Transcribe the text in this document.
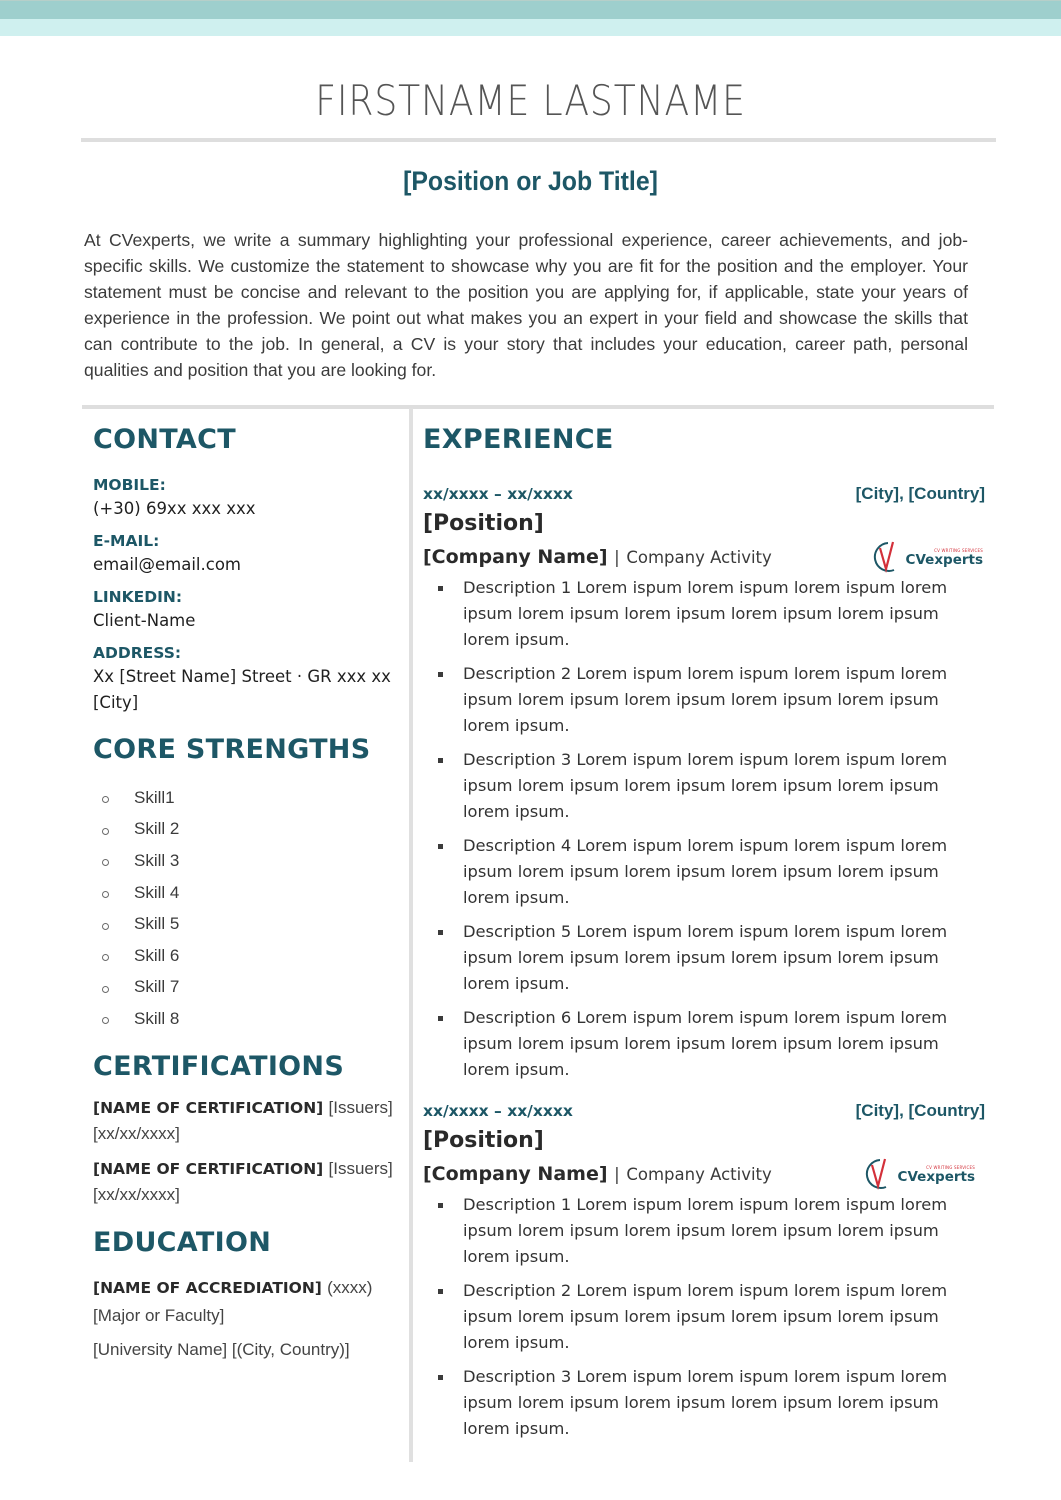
FIRSTNAME LASTNAME
[Position or Job Title]

At CVexperts, we write a summary highlighting your professional experience, career achievements, and job-specific skills. We customize the statement to showcase why you are fit for the position and the employer. Your statement must be concise and relevant to the position you are applying for, if applicable, state your years of experience in the profession. We point out what makes you an expert in your field and showcase the skills that can contribute to the job. In general, a CV is your story that includes your education, career path, personal qualities and position that you are looking for.

CONTACT
MOBILE:
(+30) 69xx xxx xxx
E-MAIL:
email@email.com
LINKEDIN:
Client-Name
ADDRESS:
Xx [Street Name] Street · GR xxx xx
[City]
CORE STRENGTHS
Skill1
Skill 2
Skill 3
Skill 4
Skill 5
Skill 6
Skill 7
Skill 8
CERTIFICATIONS
[NAME OF CERTIFICATION] [Issuers]
[xx/xx/xxxx]
[NAME OF CERTIFICATION] [Issuers]
[xx/xx/xxxx]
EDUCATION
[NAME OF ACCREDIATION] (xxxx)
[Major or Faculty]
[University Name] [(City, Country)]
EXPERIENCE
xx/xxxx – xx/xxxx	[City], [Country]
[Position]
[Company Name] | Company Activity	CV WRITING SERVICES
CVexperts
Description 1 Lorem ispum lorem ispum lorem ispum lorem ipsum lorem ipsum lorem ipsum lorem ipsum lorem ipsum lorem ipsum.
Description 2 Lorem ispum lorem ispum lorem ispum lorem ipsum lorem ipsum lorem ipsum lorem ipsum lorem ipsum lorem ipsum.
Description 3 Lorem ispum lorem ispum lorem ispum lorem ipsum lorem ipsum lorem ipsum lorem ipsum lorem ipsum lorem ipsum.
Description 4 Lorem ispum lorem ispum lorem ispum lorem ipsum lorem ipsum lorem ipsum lorem ipsum lorem ipsum lorem ipsum.
Description 5 Lorem ispum lorem ispum lorem ispum lorem ipsum lorem ipsum lorem ipsum lorem ipsum lorem ipsum lorem ipsum.
Description 6 Lorem ispum lorem ispum lorem ispum lorem ipsum lorem ipsum lorem ipsum lorem ipsum lorem ipsum lorem ipsum.
xx/xxxx – xx/xxxx	[City], [Country]
[Position]
[Company Name] | Company Activity	CV WRITING SERVICES
CVexperts
Description 1 Lorem ispum lorem ispum lorem ispum lorem ipsum lorem ipsum lorem ipsum lorem ipsum lorem ipsum lorem ipsum.
Description 2 Lorem ispum lorem ispum lorem ispum lorem ipsum lorem ipsum lorem ipsum lorem ipsum lorem ipsum lorem ipsum.
Description 3 Lorem ispum lorem ispum lorem ispum lorem ipsum lorem ipsum lorem ipsum lorem ipsum lorem ipsum lorem ipsum.
